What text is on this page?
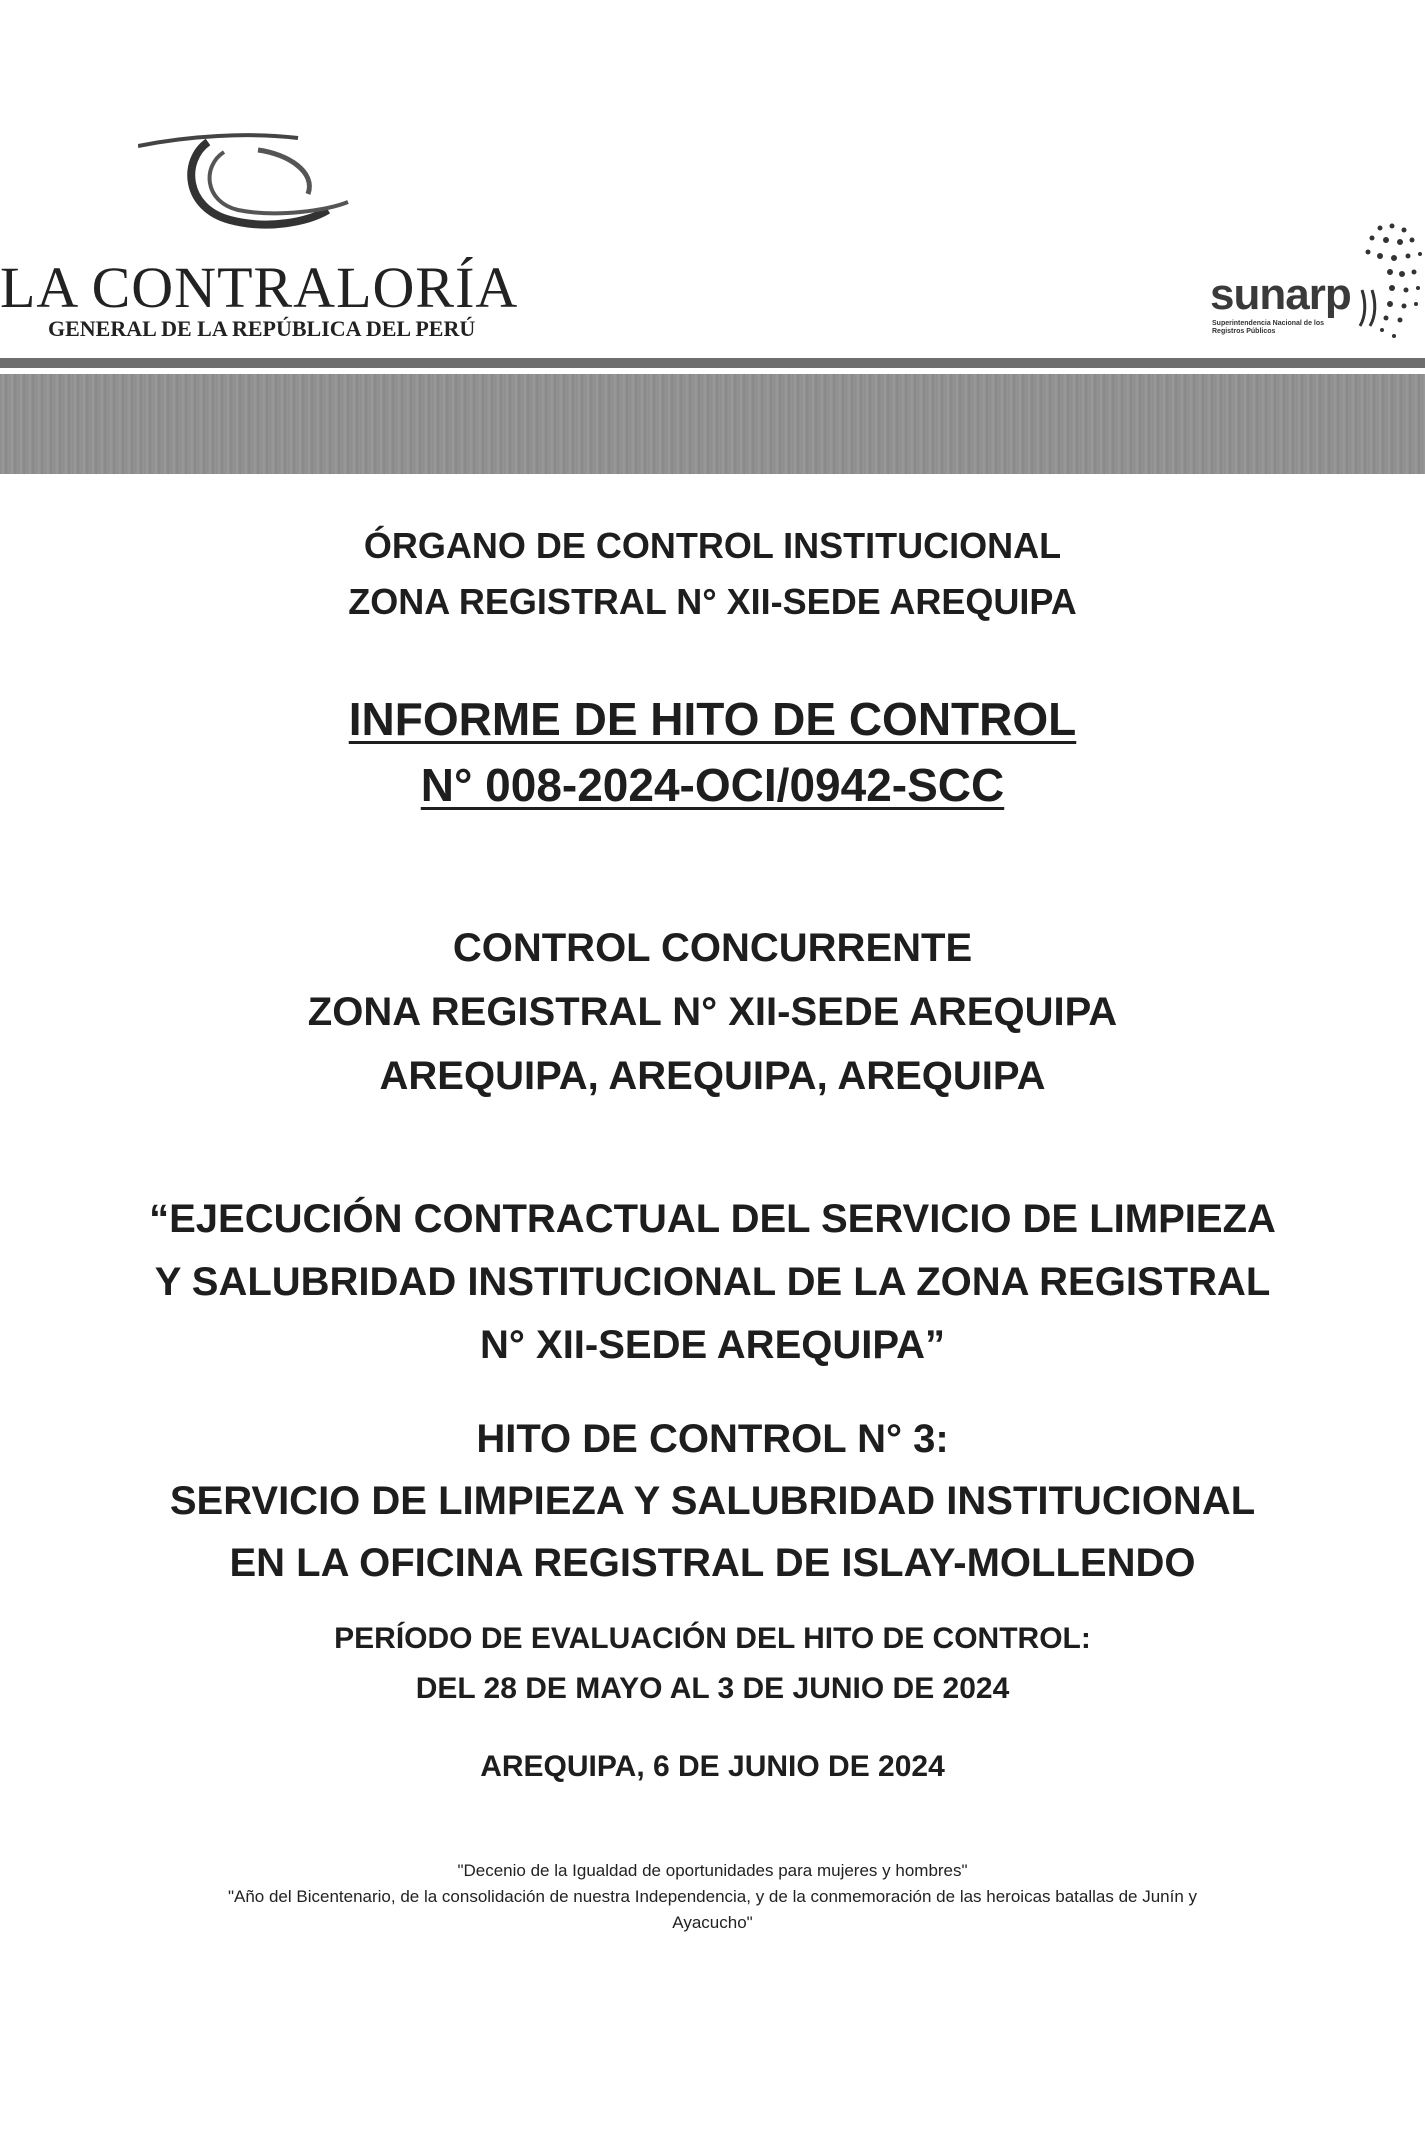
LA CONTRALORÍA
GENERAL DE LA REPÚBLICA DEL PERÚ
sunarp
Superintendencia Nacional de los Registros Públicos

ÓRGANO DE CONTROL INSTITUCIONAL

ZONA REGISTRAL N° XII-SEDE AREQUIPA

INFORME DE HITO DE CONTROL

N° 008-2024-OCI/0942-SCC

CONTROL CONCURRENTE

ZONA REGISTRAL N° XII-SEDE AREQUIPA

AREQUIPA, AREQUIPA, AREQUIPA

“EJECUCIÓN CONTRACTUAL DEL SERVICIO DE LIMPIEZA

Y SALUBRIDAD INSTITUCIONAL DE LA ZONA REGISTRAL

N° XII-SEDE AREQUIPA”

HITO DE CONTROL N° 3:

SERVICIO DE LIMPIEZA Y SALUBRIDAD INSTITUCIONAL

EN LA OFICINA REGISTRAL DE ISLAY-MOLLENDO

PERÍODO DE EVALUACIÓN DEL HITO DE CONTROL:

DEL 28 DE MAYO AL 3 DE JUNIO DE 2024

AREQUIPA, 6 DE JUNIO DE 2024

"Decenio de la Igualdad de oportunidades para mujeres y hombres"

"Año del Bicentenario, de la consolidación de nuestra Independencia, y de la conmemoración de las heroicas batallas de Junín y

Ayacucho"
